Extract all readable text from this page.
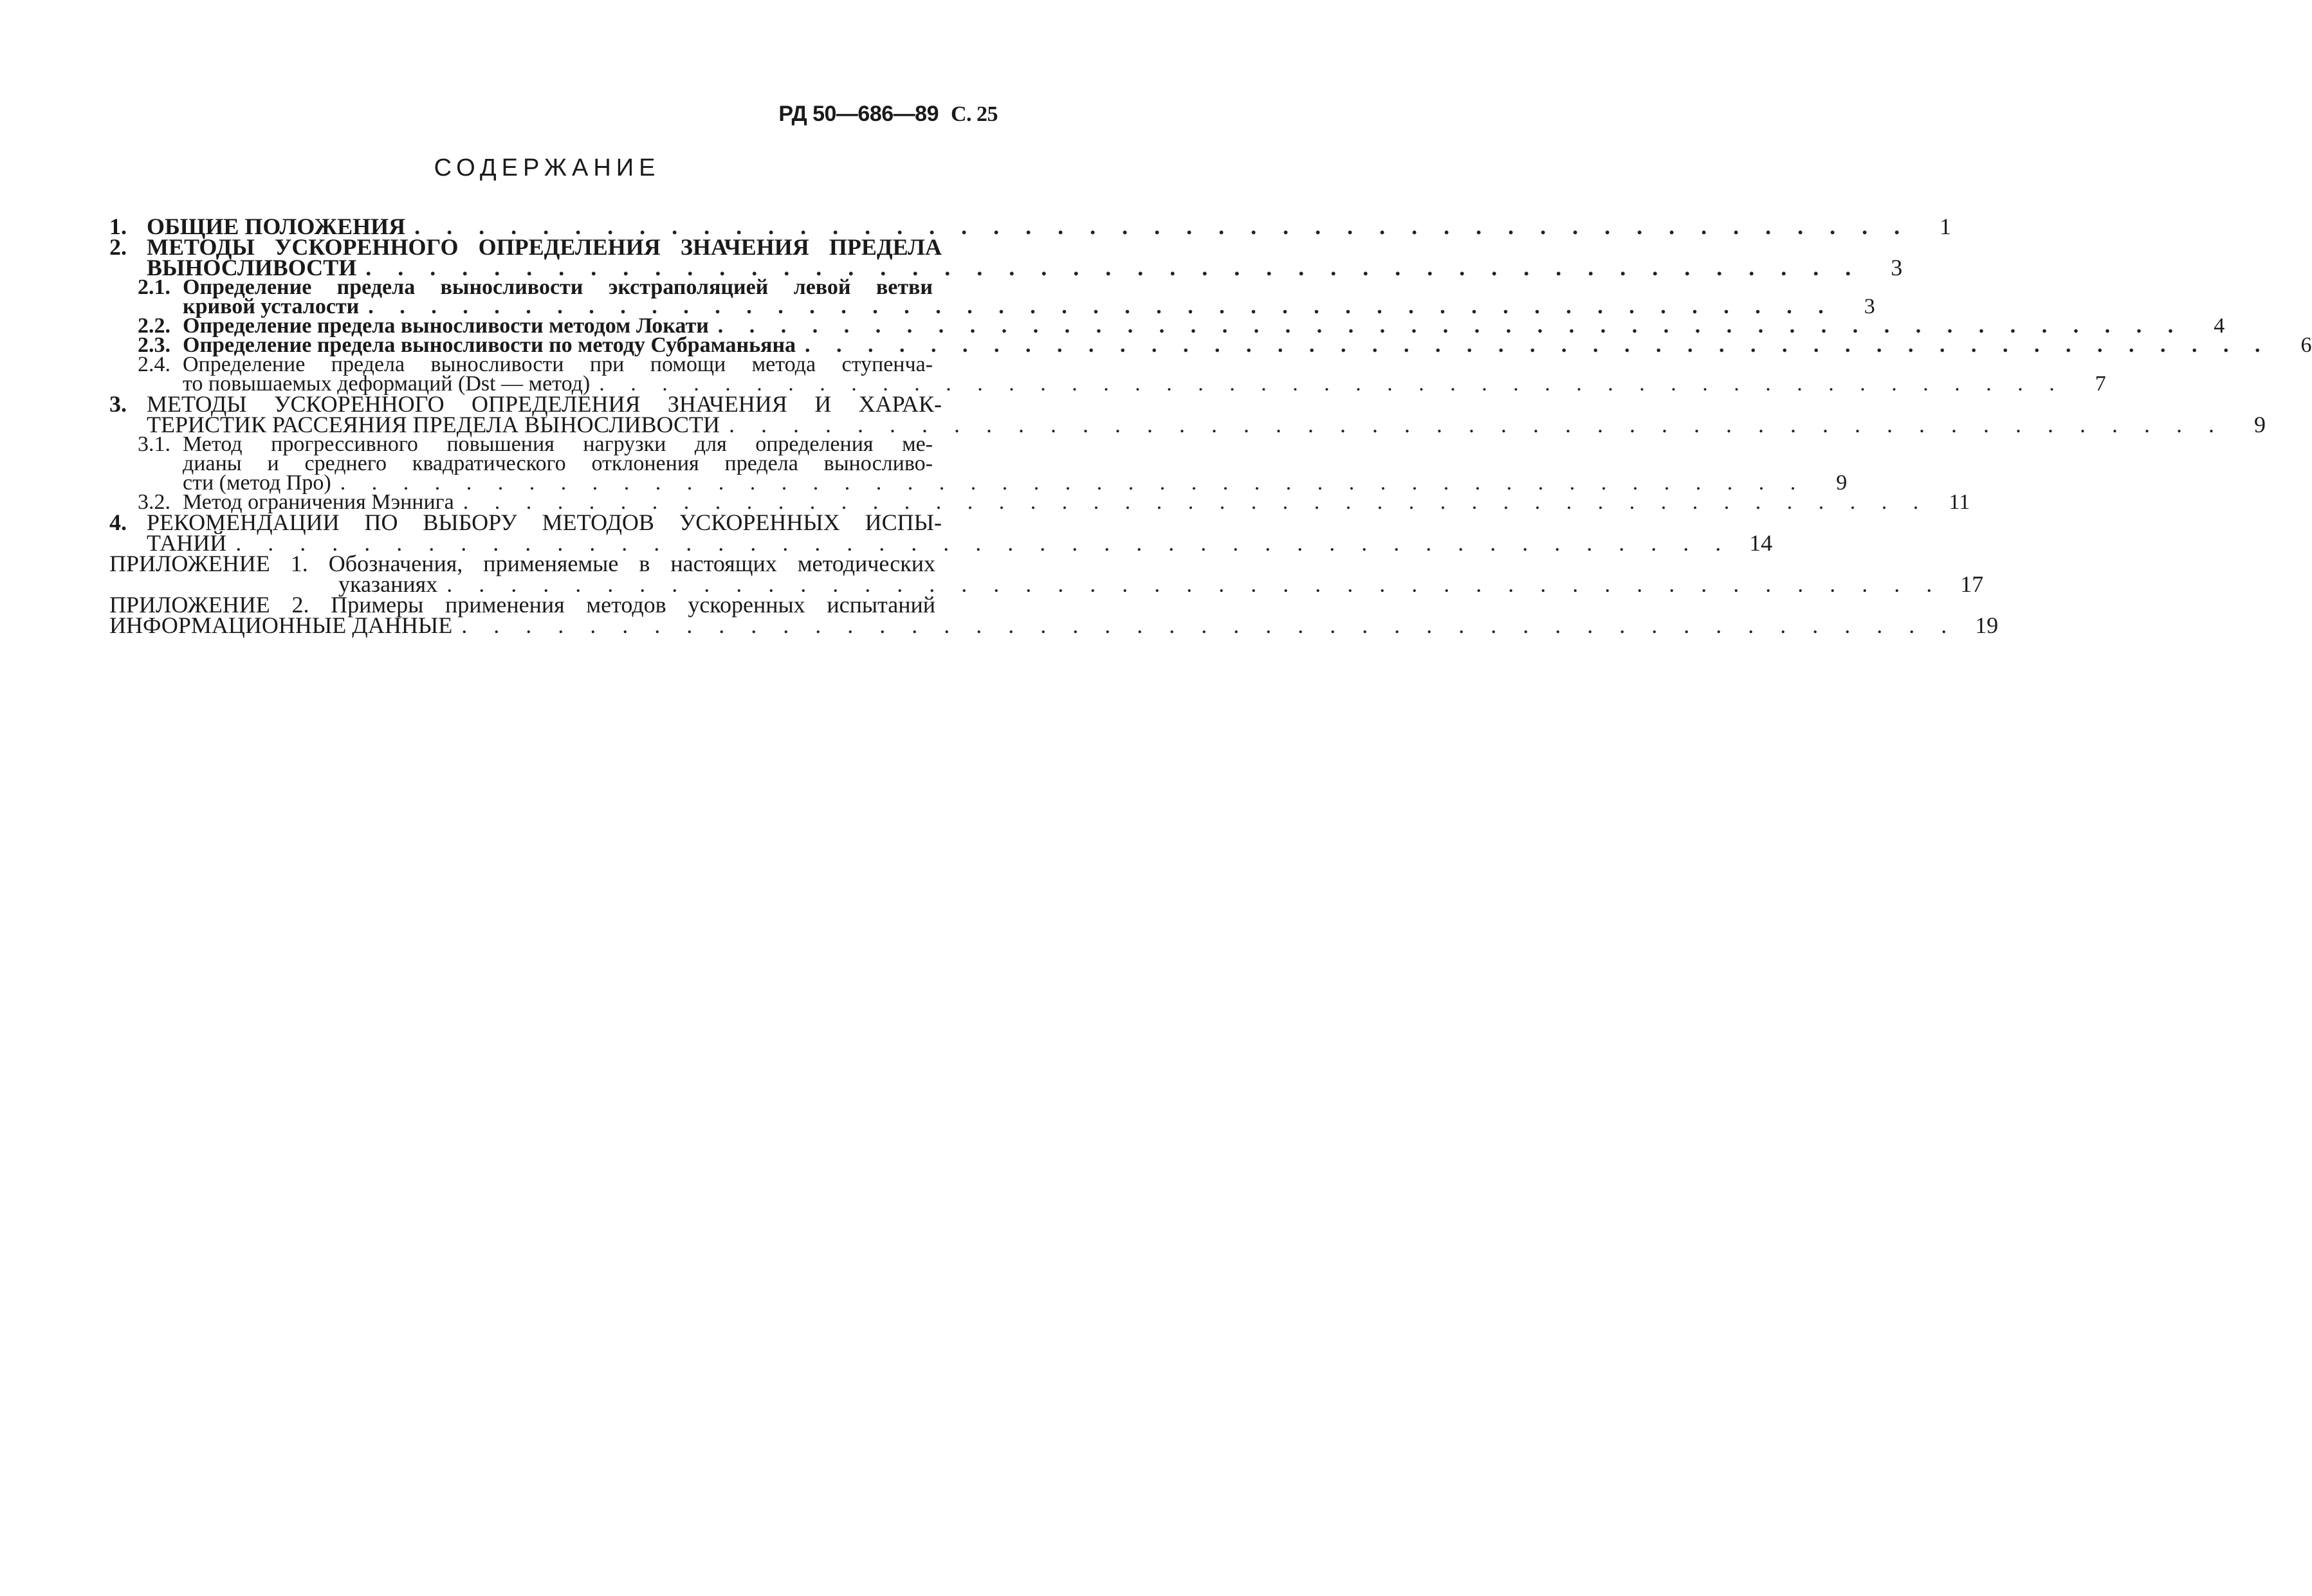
РД 50—686—89 С. 25
СОДЕРЖАНИЕ
1. ОБЩИЕ ПОЛОЖЕНИЯ . . .	1
2. МЕТОДЫ УСКОРЕННОГО ОПРЕДЕЛЕНИЯ ЗНАЧЕНИЯ ПРЕДЕЛА
ВЫНОСЛИВОСТИ . . .	3
2.1. Определение предела выносливости экстраполяцией левой ветви
кривой усталости . . .	3
2.2. Определение предела выносливости методом Локати . . .	4
2.3. Определение предела выносливости по методу Субраманьяна . . .	6
2.4. Определение предела выносливости при помощи метода ступенча-
то повышаемых деформаций (Dst — метод) . . .	7
3. МЕТОДЫ УСКОРЕННОГО ОПРЕДЕЛЕНИЯ ЗНАЧЕНИЯ И ХАРАК-
ТЕРИСТИК РАССЕЯНИЯ ПРЕДЕЛА ВЫНОСЛИВОСТИ . . .	9
3.1. Метод прогрессивного повышения нагрузки для определения ме-
дианы и среднего квадратического отклонения предела выносливо-
сти (метод Про) . . .	9
3.2. Метод ограничения Мэннига . . .	11
4. РЕКОМЕНДАЦИИ ПО ВЫБОРУ МЕТОДОВ УСКОРЕННЫХ ИСПЫ-
ТАНИЙ . . .	14
ПРИЛОЖЕНИЕ 1. Обозначения, применяемые в настоящих методических
указаниях . . .	17
ПРИЛОЖЕНИЕ 2. Примеры применения методов ускоренных испытаний
ИНФОРМАЦИОННЫЕ ДАННЫЕ . . .	19
